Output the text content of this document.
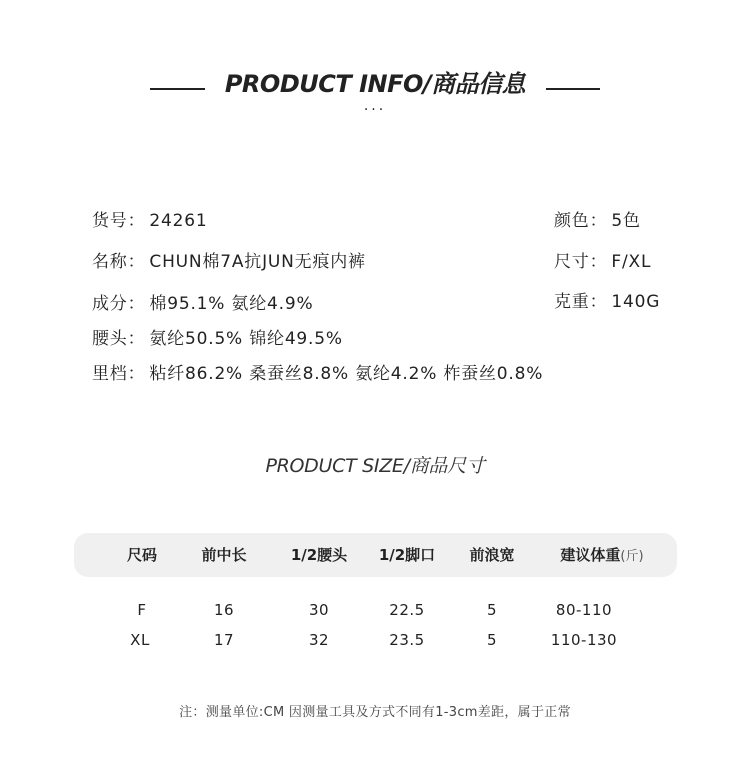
PRODUCT INFO/商品信息
···
货号： 24261
名称： CHUN棉7A抗JUN无痕内裤
成分： 棉95.1% 氨纶4.9%
腰头： 氨纶50.5% 锦纶49.5%
里档： 粘纤86.2% 桑蚕丝8.8% 氨纶4.2% 柞蚕丝0.8%
颜色： 5色
尺寸： F/XL
克重： 140G
PRODUCT SIZE/商品尺寸
尺码	前中长	1/2腰头	1/2脚口	前浪宽	建议体重(斤)
F	16	30	22.5	5	80-110
XL	17	32	23.5	5	110-130
注：测量单位:CM 因测量工具及方式不同有1-3cm差距，属于正常
